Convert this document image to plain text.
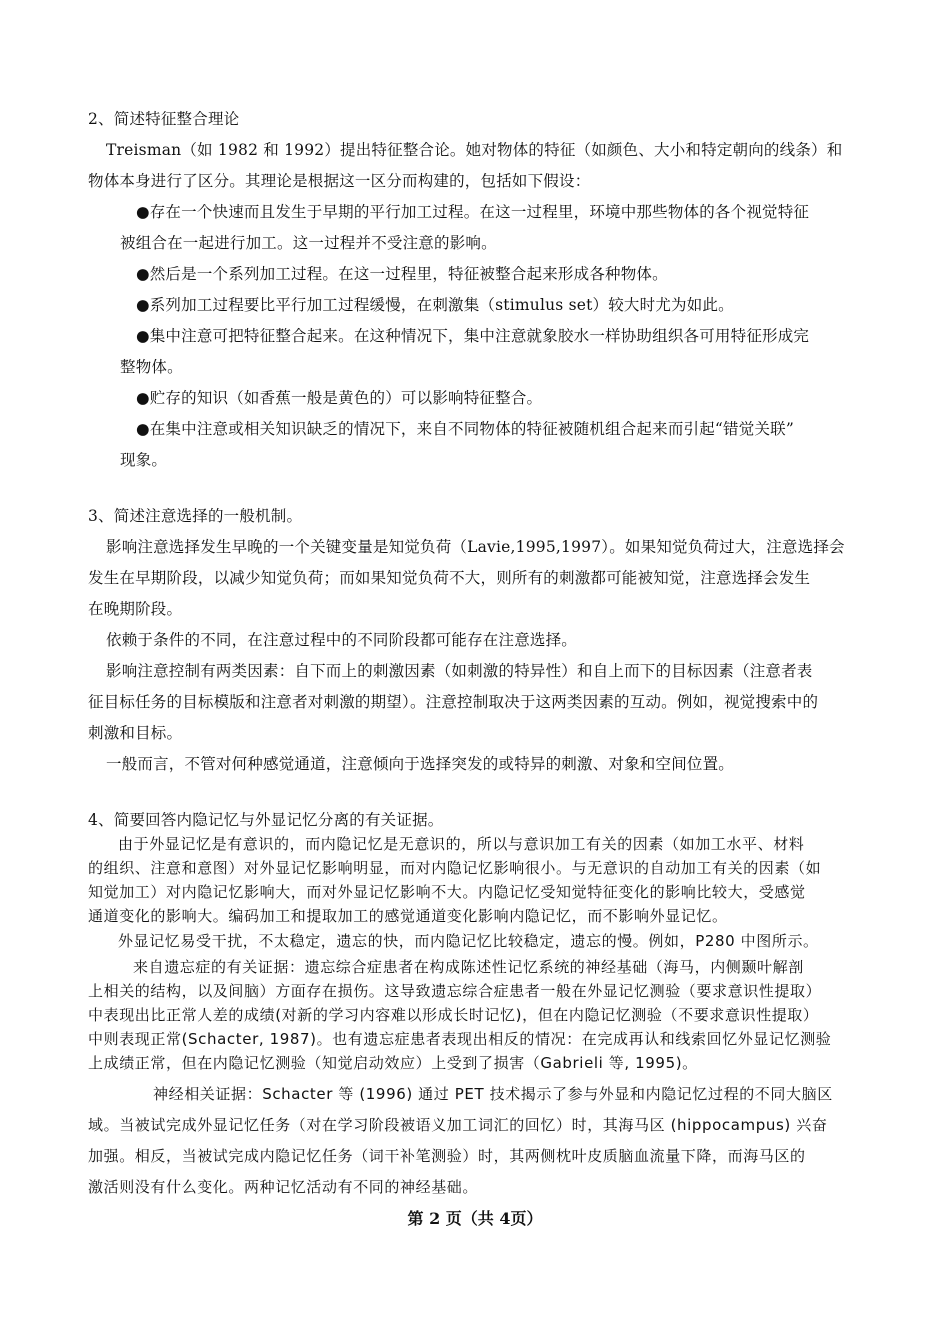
2、简述特征整合理论
Treisman（如 1982 和 1992）提出特征整合论。她对物体的特征（如颜色、大小和特定朝向的线条）和
物体本身进行了区分。其理论是根据这一区分而构建的，包括如下假设：
●存在一个快速而且发生于早期的平行加工过程。在这一过程里，环境中那些物体的各个视觉特征
被组合在一起进行加工。这一过程并不受注意的影响。
●然后是一个系列加工过程。在这一过程里，特征被整合起来形成各种物体。
●系列加工过程要比平行加工过程缓慢，在刺激集（stimulus set）较大时尤为如此。
●集中注意可把特征整合起来。在这种情况下，集中注意就象胶水一样协助组织各可用特征形成完
整物体。
●贮存的知识（如香蕉一般是黄色的）可以影响特征整合。
●在集中注意或相关知识缺乏的情况下，来自不同物体的特征被随机组合起来而引起“错觉关联”
现象。
3、简述注意选择的一般机制。
影响注意选择发生早晚的一个关键变量是知觉负荷（Lavie,1995,1997）。如果知觉负荷过大，注意选择会
发生在早期阶段，以减少知觉负荷；而如果知觉负荷不大，则所有的刺激都可能被知觉，注意选择会发生
在晚期阶段。
依赖于条件的不同，在注意过程中的不同阶段都可能存在注意选择。
影响注意控制有两类因素：自下而上的刺激因素（如刺激的特异性）和自上而下的目标因素（注意者表
征目标任务的目标模版和注意者对刺激的期望）。注意控制取决于这两类因素的互动。例如，视觉搜索中的
刺激和目标。
一般而言，不管对何种感觉通道，注意倾向于选择突发的或特异的刺激、对象和空间位置。
4、简要回答内隐记忆与外显记忆分离的有关证据。
由于外显记忆是有意识的，而内隐记忆是无意识的，所以与意识加工有关的因素（如加工水平、材料
的组织、注意和意图）对外显记忆影响明显，而对内隐记忆影响很小。与无意识的自动加工有关的因素（如
知觉加工）对内隐记忆影响大，而对外显记忆影响不大。内隐记忆受知觉特征变化的影响比较大，受感觉
通道变化的影响大。编码加工和提取加工的感觉通道变化影响内隐记忆，而不影响外显记忆。
外显记忆易受干扰，不太稳定，遗忘的快，而内隐记忆比较稳定，遗忘的慢。例如，P280 中图所示。
来自遗忘症的有关证据：遗忘综合症患者在构成陈述性记忆系统的神经基础（海马，内侧颞叶解剖
上相关的结构，以及间脑）方面存在损伤。这导致遗忘综合症患者一般在外显记忆测验（要求意识性提取）
中表现出比正常人差的成绩(对新的学习内容难以形成长时记忆)，但在内隐记忆测验（不要求意识性提取）
中则表现正常(Schacter, 1987)。也有遗忘症患者表现出相反的情况：在完成再认和线索回忆外显记忆测验
上成绩正常，但在内隐记忆测验（知觉启动效应）上受到了损害（Gabrieli 等, 1995)。
神经相关证据：Schacter 等 (1996) 通过 PET 技术揭示了参与外显和内隐记忆过程的不同大脑区
域。当被试完成外显记忆任务（对在学习阶段被语义加工词汇的回忆）时，其海马区 (hippocampus) 兴奋
加强。相反，当被试完成内隐记忆任务（词干补笔测验）时，其两侧枕叶皮质脑血流量下降，而海马区的
激活则没有什么变化。两种记忆活动有不同的神经基础。
第 2 页（共 4页）
